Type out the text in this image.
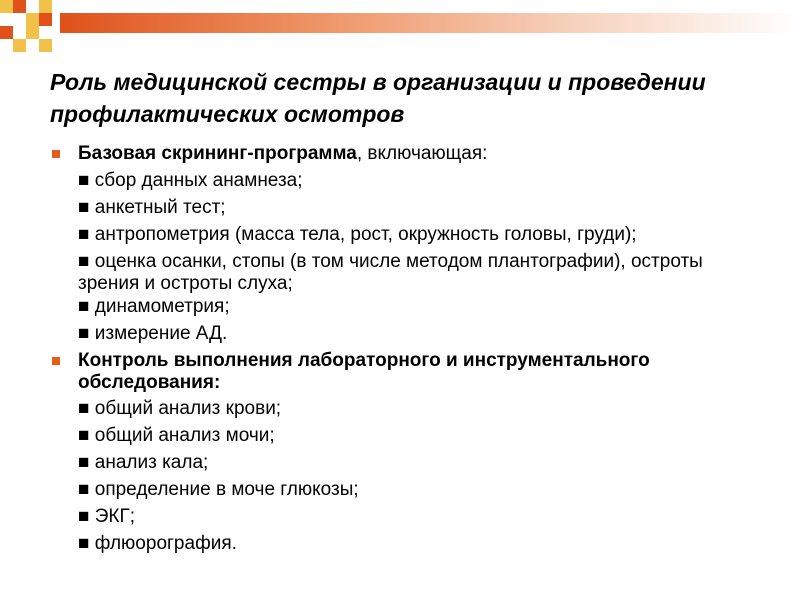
Роль медицинской сестры в организации и проведении профилактических осмотров
Базовая скрининг-программа, включающая:
■ сбор данных анамнеза;
■ анкетный тест;
■ антропометрия (масса тела, рост, окружность головы, груди);
■ оценка осанки, стопы (в том числе методом плантографии), остроты зрения и остроты слуха;
■ динамометрия;
■ измерение АД.
Контроль выполнения лабораторного и инструментального обследования:
■ общий анализ крови;
■ общий анализ мочи;
■ анализ кала;
■ определение в моче глюкозы;
■ ЭКГ;
■ флюорография.
